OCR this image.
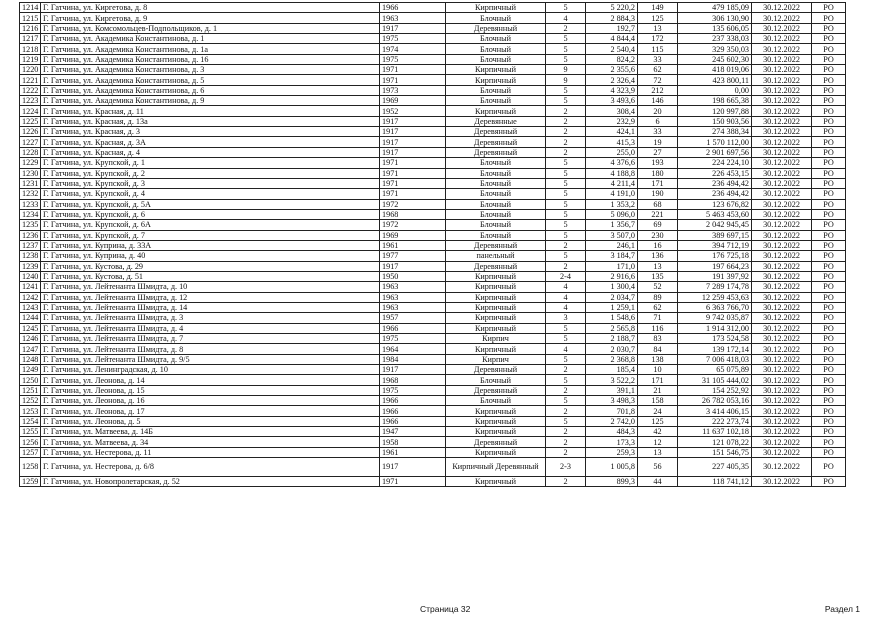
1214	Г. Гатчина, ул. Киргетова, д. 8	1966	Кирпичный	5	5 220,2	149	479 185,09	30.12.2022	РО
1215	Г. Гатчина, ул. Киргетова, д. 9	1963	Блочный	4	2 884,3	125	306 130,90	30.12.2022	РО
1216	Г. Гатчина, ул. Комсомольцев-Подпольщиков, д. 1	1917	Деревянный	2	192,7	13	135 606,05	30.12.2022	РО
1217	Г. Гатчина, ул. Академика Константинова, д. 1	1975	Блочный	5	4 844,4	172	237 338,03	30.12.2022	РО
1218	Г. Гатчина, ул. Академика Константинова, д. 1а	1974	Блочный	5	2 540,4	115	329 350,03	30.12.2022	РО
1219	Г. Гатчина, ул. Академика Константинова, д. 16	1975	Блочный	5	824,2	33	245 602,30	30.12.2022	РО
1220	Г. Гатчина, ул. Академика Константинова, д. 3	1971	Кирпичный	9	2 355,6	62	418 019,06	30.12.2022	РО
1221	Г. Гатчина, ул. Академика Константинова, д. 5	1971	Кирпичный	9	2 326,4	72	423 800,11	30.12.2022	РО
1222	Г. Гатчина, ул. Академика Константинова, д. 6	1973	Блочный	5	4 323,9	212	0,00	30.12.2022	РО
1223	Г. Гатчина, ул. Академика Константинова, д. 9	1969	Блочный	5	3 493,6	146	198 665,38	30.12.2022	РО
1224	Г. Гатчина, ул. Красная, д. 11	1952	Кирпичный	2	308,4	20	120 997,88	30.12.2022	РО
1225	Г. Гатчина, ул. Красная, д. 13а	1917	Деревянные	2	232,9	6	150 903,56	30.12.2022	РО
1226	Г. Гатчина, ул. Красная, д. 3	1917	Деревянный	2	424,1	33	274 388,34	30.12.2022	РО
1227	Г. Гатчина, ул. Красная, д. 3А	1917	Деревянный	2	415,3	19	1 570 112,00	30.12.2022	РО
1228	Г. Гатчина, ул. Красная, д. 4	1917	Деревянный	2	255,0	27	2 901 697,56	30.12.2022	РО
1229	Г. Гатчина, ул. Крупской, д. 1	1971	Блочный	5	4 376,6	193	224 224,10	30.12.2022	РО
1230	Г. Гатчина, ул. Крупской, д. 2	1971	Блочный	5	4 188,8	180	226 453,15	30.12.2022	РО
1231	Г. Гатчина, ул. Крупской, д. 3	1971	Блочный	5	4 211,4	171	236 494,42	30.12.2022	РО
1232	Г. Гатчина, ул. Крупской, д. 4	1971	Блочный	5	4 191,0	190	236 494,42	30.12.2022	РО
1233	Г. Гатчина, ул. Крупской, д. 5А	1972	Блочный	5	1 353,2	68	123 676,82	30.12.2022	РО
1234	Г. Гатчина, ул. Крупской, д. 6	1968	Блочный	5	5 096,0	221	5 463 453,60	30.12.2022	РО
1235	Г. Гатчина, ул. Крупской, д. 6А	1972	Блочный	5	1 356,7	69	2 042 945,45	30.12.2022	РО
1236	Г. Гатчина, ул. Крупской, д. 7	1969	Блочный	5	3 507,0	230	389 697,15	30.12.2022	РО
1237	Г. Гатчина, ул. Куприна, д. 33А	1961	Деревянный	2	246,1	16	394 712,19	30.12.2022	РО
1238	Г. Гатчина, ул. Куприна, д. 40	1977	панельный	5	3 184,7	136	176 725,18	30.12.2022	РО
1239	Г. Гатчина, ул. Кустова, д. 29	1917	Деревянный	2	171,0	13	197 664,23	30.12.2022	РО
1240	Г. Гатчина, ул. Кустова, д. 51	1950	Кирпичный	2-4	2 916,6	135	191 397,92	30.12.2022	РО
1241	Г. Гатчина, ул. Лейтенанта Шмидта, д. 10	1963	Кирпичный	4	1 300,4	52	7 289 174,78	30.12.2022	РО
1242	Г. Гатчина, ул. Лейтенанта Шмидта, д. 12	1963	Кирпичный	4	2 034,7	89	12 259 453,63	30.12.2022	РО
1243	Г. Гатчина, ул. Лейтенанта Шмидта, д. 14	1963	Кирпичный	4	1 259,1	62	6 363 766,70	30.12.2022	РО
1244	Г. Гатчина, ул. Лейтенанта Шмидта, д. 3	1957	Кирпичный	3	1 548,6	71	9 742 035,87	30.12.2022	РО
1245	Г. Гатчина, ул. Лейтенанта Шмидта, д. 4	1966	Кирпичный	5	2 565,8	116	1 914 312,00	30.12.2022	РО
1246	Г. Гатчина, ул. Лейтенанта Шмидта, д. 7	1975	Кирпич	5	2 188,7	83	173 524,58	30.12.2022	РО
1247	Г. Гатчина, ул. Лейтенанта Шмидта, д. 8	1964	Кирпичный	4	2 030,7	84	139 172,14	30.12.2022	РО
1248	Г. Гатчина, ул. Лейтенанта Шмидта, д. 9/5	1984	Кирпич	5	2 368,8	138	7 006 418,03	30.12.2022	РО
1249	Г. Гатчина, ул. Ленинградская, д. 10	1917	Деревянный	2	185,4	10	65 075,89	30.12.2022	РО
1250	Г. Гатчина, ул. Леонова, д. 14	1968	Блочный	5	3 522,2	171	31 105 444,02	30.12.2022	РО
1251	Г. Гатчина, ул. Леонова, д. 15	1975	Деревянный	2	391,1	21	154 252,92	30.12.2022	РО
1252	Г. Гатчина, ул. Леонова, д. 16	1966	Блочный	5	3 498,3	158	26 782 053,16	30.12.2022	РО
1253	Г. Гатчина, ул. Леонова, д. 17	1966	Кирпичный	2	701,8	24	3 414 406,15	30.12.2022	РО
1254	Г. Гатчина, ул. Леонова, д. 5	1966	Кирпичный	5	2 742,0	125	222 273,74	30.12.2022	РО
1255	Г. Гатчина, ул. Матвеева, д. 14Б	1947	Кирпичный	2	484,3	42	11 637 102,18	30.12.2022	РО
1256	Г. Гатчина, ул. Матвеева, д. 34	1958	Деревянный	2	173,3	12	121 078,22	30.12.2022	РО
1257	Г. Гатчина, ул. Нестерова, д. 11	1961	Кирпичный	2	259,3	13	151 546,75	30.12.2022	РО
1258	Г. Гатчина, ул. Нестерова, д. 6/8	1917	Кирпичный Деревянный	2-3	1 005,8	56	227 405,35	30.12.2022	РО
1259	Г. Гатчина, ул. Новопролетарская, д. 52	1971	Кирпичный	2	899,3	44	118 741,12	30.12.2022	РО
Страница 32	Раздел 1
